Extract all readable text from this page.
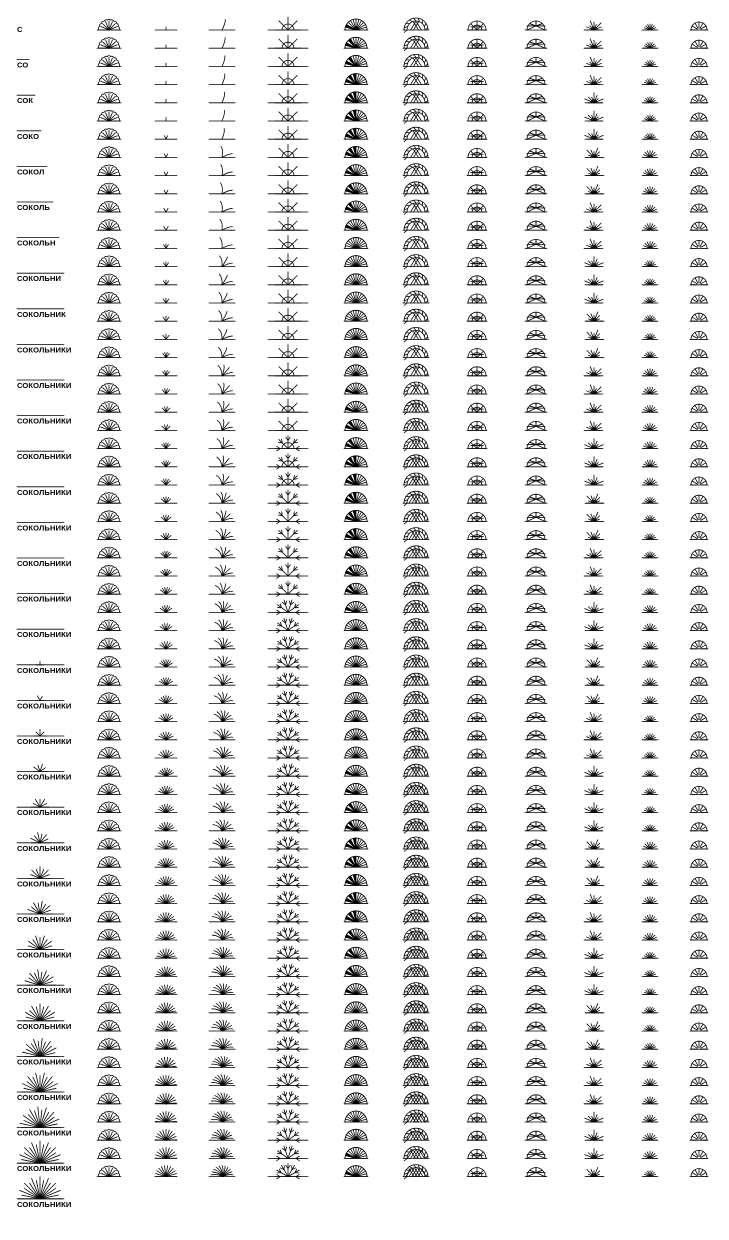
С
СО
СОК
СОКО
СОКОЛ
СОКОЛЬ
СОКОЛЬН
СОКОЛЬНИ
СОКОЛЬНИК
СОКОЛЬНИКИ
СОКОЛЬНИКИ
СОКОЛЬНИКИ
СОКОЛЬНИКИ
СОКОЛЬНИКИ
СОКОЛЬНИКИ
СОКОЛЬНИКИ
СОКОЛЬНИКИ
СОКОЛЬНИКИ
СОКОЛЬНИКИ
СОКОЛЬНИКИ
СОКОЛЬНИКИ
СОКОЛЬНИКИ
СОКОЛЬНИКИ
СОКОЛЬНИКИ
СОКОЛЬНИКИ
СОКОЛЬНИКИ
СОКОЛЬНИКИ
СОКОЛЬНИКИ
СОКОЛЬНИКИ
СОКОЛЬНИКИ
СОКОЛЬНИКИ
СОКОЛЬНИКИ
СОКОЛЬНИКИ
СОКОЛЬНИКИ
